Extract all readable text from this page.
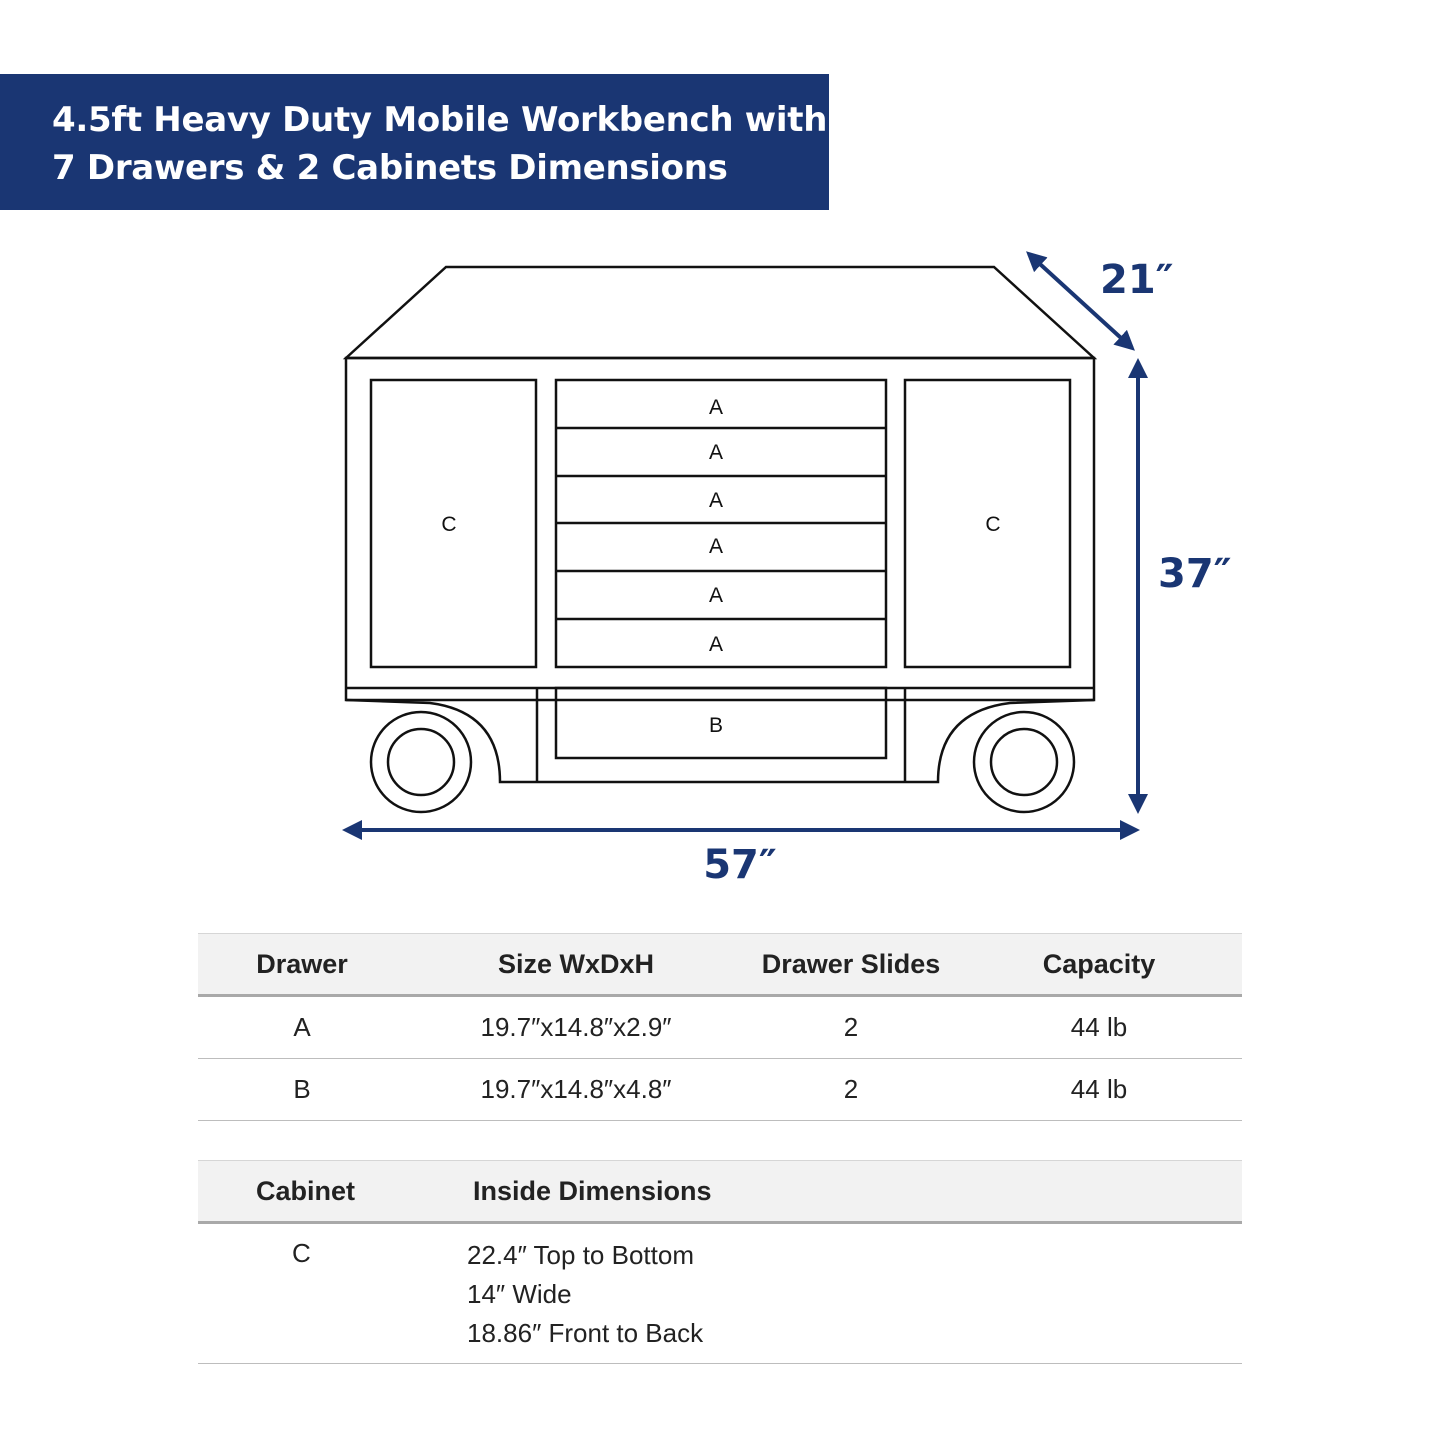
4.5ft Heavy Duty Mobile Workbench with
7 Drawers & 2 Cabinets Dimensions
C	C
A
A
A
A
A
A
B
21″
37″
57″
Drawer	Size WxDxH	Drawer Slides	Capacity
A	19.7″x14.8″x2.9″	2	44 lb
B	19.7″x14.8″x4.8″	2	44 lb
Cabinet	Inside Dimensions
C	22.4″ Top to Bottom
14″ Wide
18.86″ Front to Back
